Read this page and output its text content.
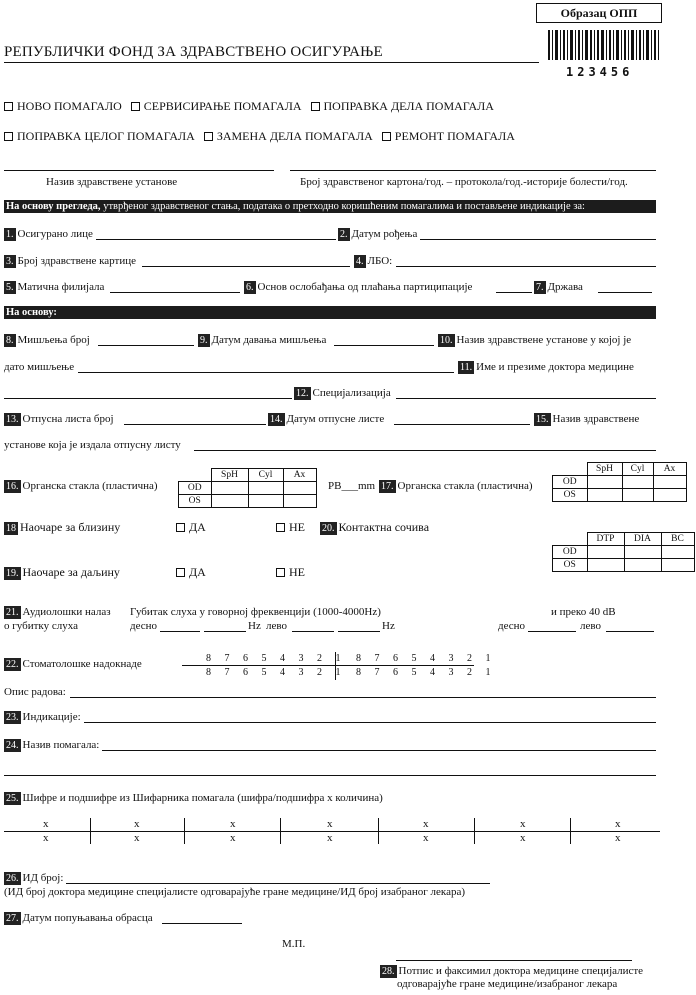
Образац ОПП
РЕПУБЛИЧКИ ФОНД ЗА ЗДРАВСТВЕНО ОСИГУРАЊЕ
123456
НОВО ПОМАГАЛО СЕРВИСИРАЊЕ ПОМАГАЛА ПОПРАВКА ДЕЛА ПОМАГАЛА
ПОПРАВКА ЦЕЛОГ ПОМАГАЛА ЗАМЕНА ДЕЛА ПОМАГАЛА РЕМОНТ ПОМАГАЛА
Назив здравствене установе	Број здравственог картона/год. – протокола/год.-историје болести/год.
На основу прегледа, утврђеног здравственог стања, података о претходно коришћеним помагалима и постављене индикације за:
1. Осигурано лице	2. Датум рођења
3. Број здравствене картице	4. ЛБО:
5. Матична филијала	6. Основ ослобађања од плаћања партиципације	7. Држава
На основу:
8. Мишљења број	9. Датум давања мишљења	10. Назив здравствене установе у којој је
дато мишљење	11. Име и презиме доктора медицине
12. Специјализација
13. Отпусна листа број	14. Датум отпусне листе	15. Назив здравствене
установе која је издала отпусну листу
16. Органска стакла (пластична)
	SpH	Cyl	Ax
OD			
OS			
PB___mm 17. Органска стакла (пластична)
	SpH	Cyl	Ax
OD			
OS			
18 Наочаре за близину	ДА	НЕ 20. Контактна сочива
	DTP	DIA	BC
OD			
OS			
19. Наочаре за даљину	ДА	НЕ
21. Аудиолошки налаз
о губитку слуха
Губитак слуха у говорној фреквенцији (1000-4000Hz)	и преко 40 dB
десно	Hz лево	Hz	десно	лево
22. Стоматолошке надокнаде	8 7 6 5 4 3 2 1 8 7 6 5 4 3 2 1
8 7 6 5 4 3 2 1 8 7 6 5 4 3 2 1
Опис радова:
23. Индикације:
24. Назив помагала:
25. Шифре и подшифре из Шифарника помагала (шифра/подшифра x количина)
x	x	x	x	x	x	x
x	x	x	x	x	x	x
26. ИД број:
(ИД број доктора медицине специјалисте одговарајуће гране медицине/ИД број изабраног лекара)
27. Датум попуњавања обрасца
М.П.
28. Потпис и факсимил доктора медицине специјалисте
одговарајуће гране медицине/изабраног лекара
